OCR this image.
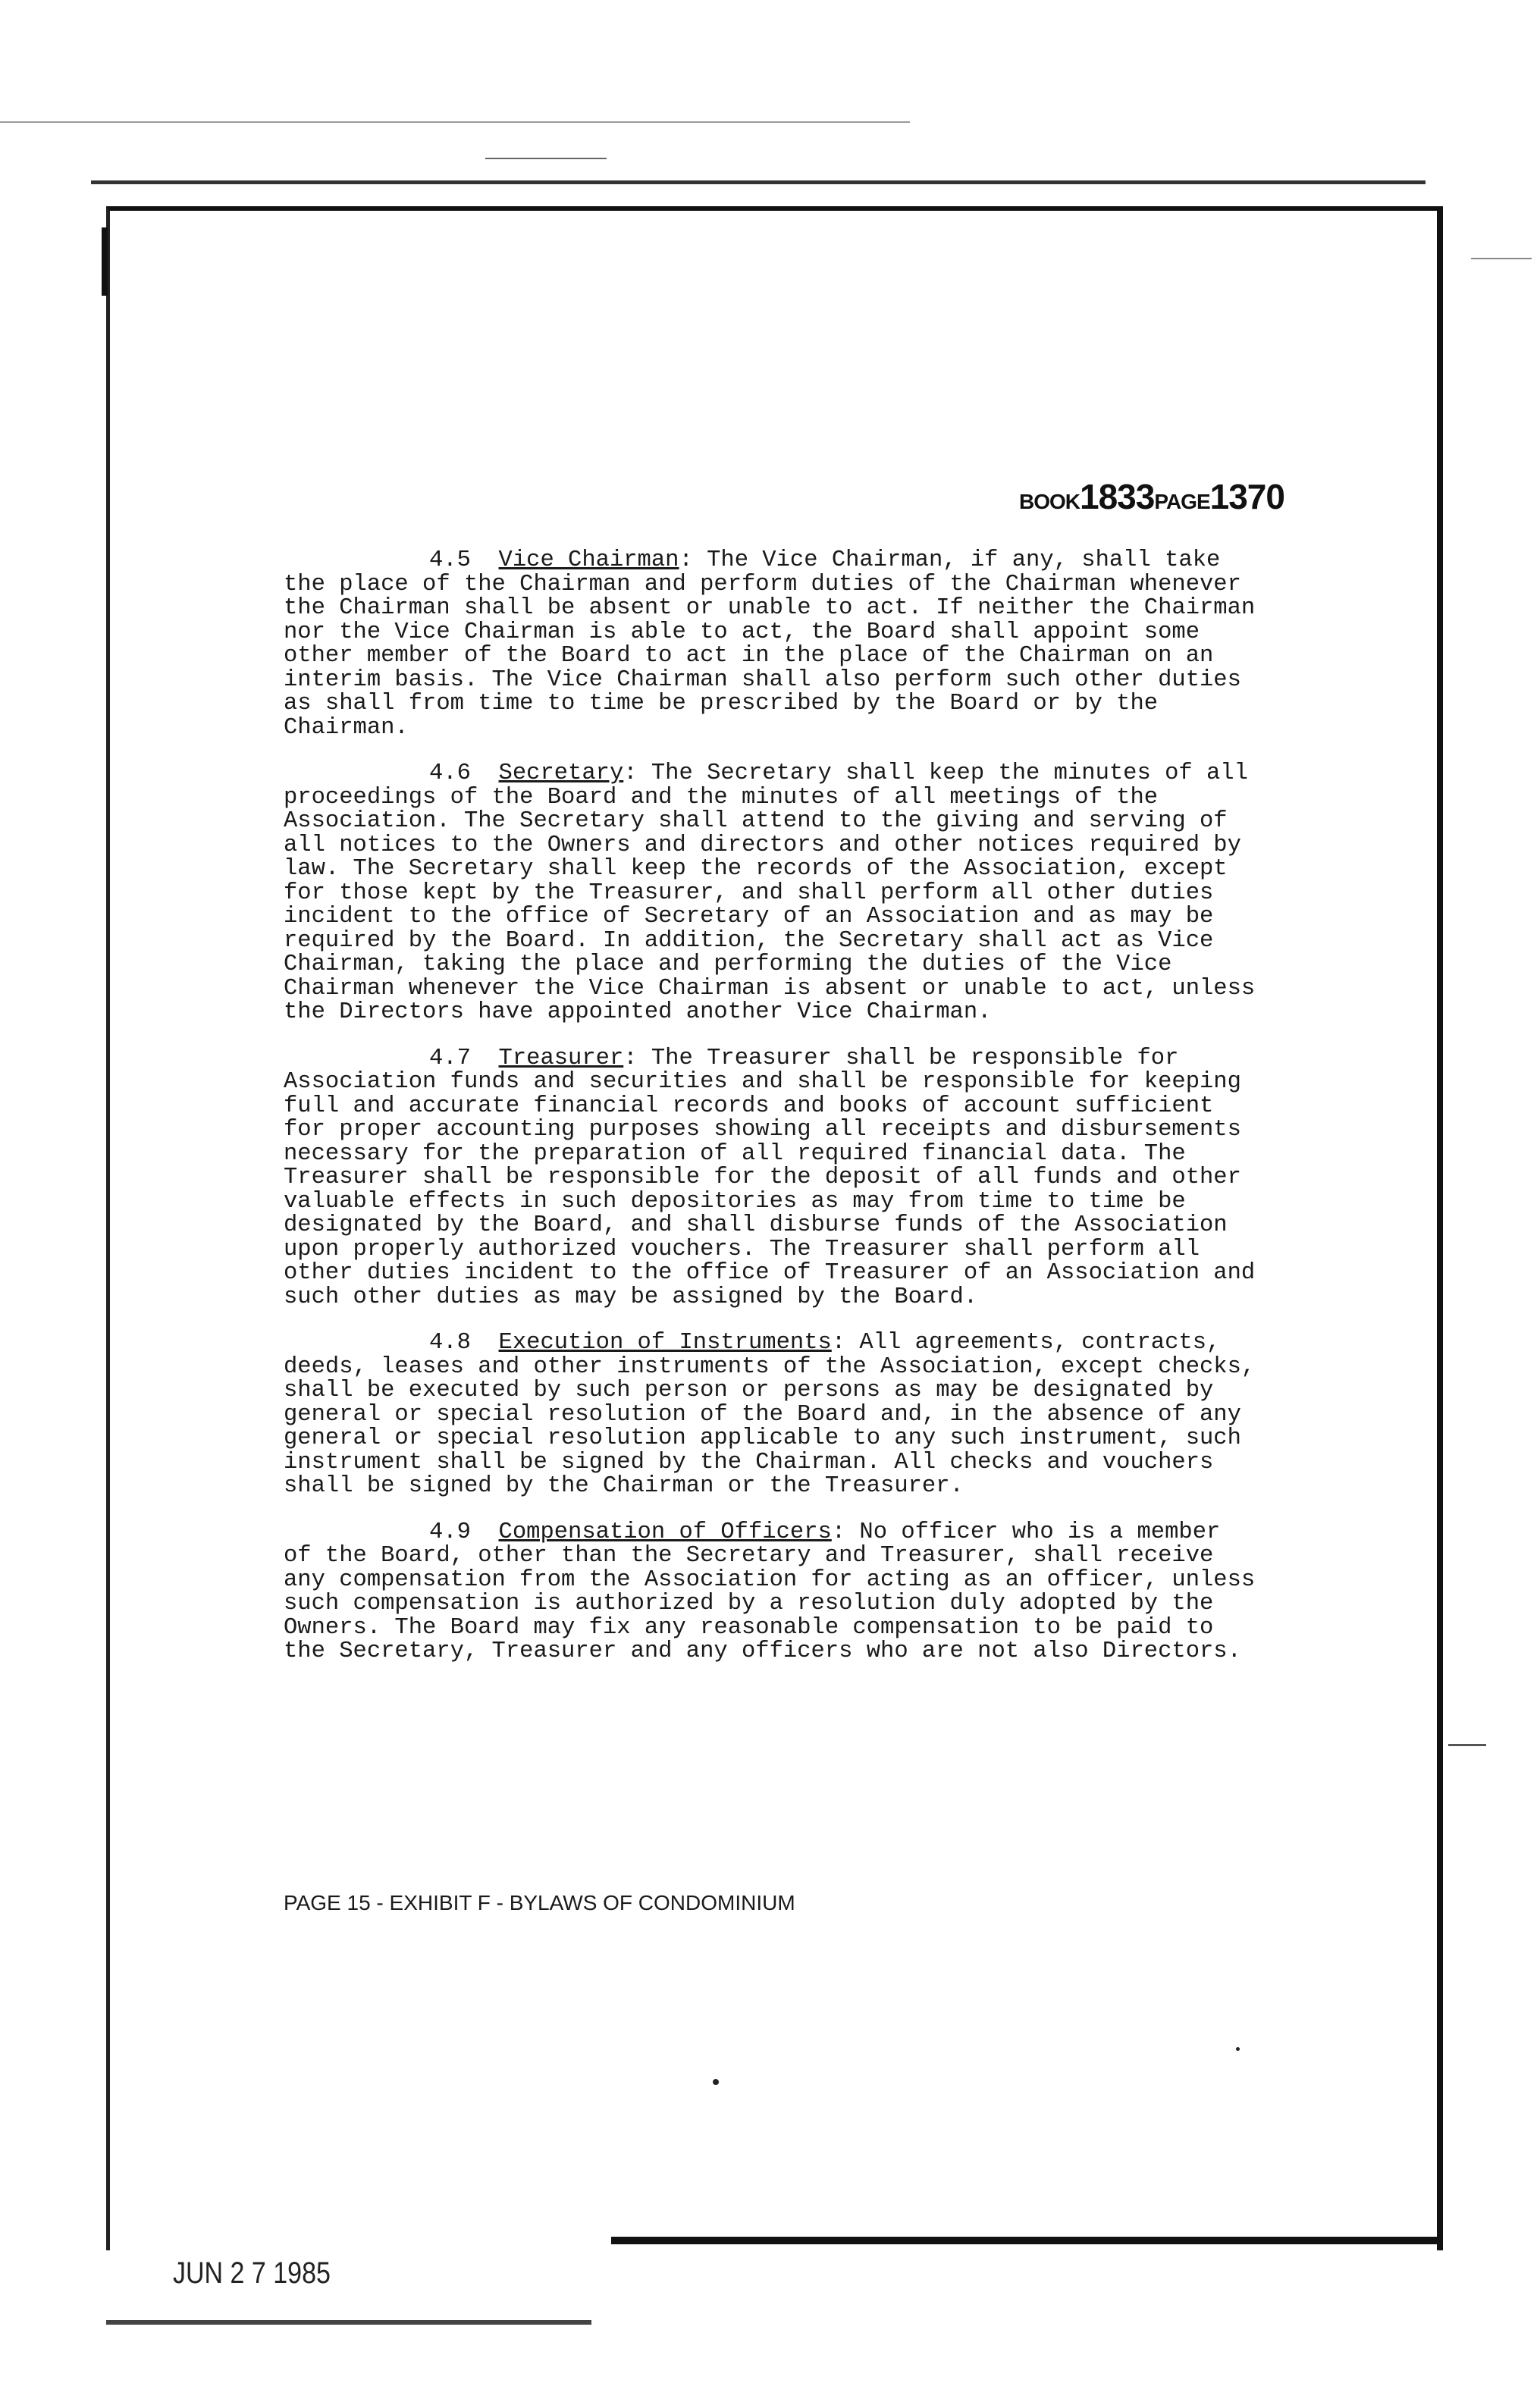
BOOK1833PAGE1370

4.5 Vice Chairman: The Vice Chairman, if any, shall take the place of the Chairman and perform duties of the Chairman whenever the Chairman shall be absent or unable to act. If neither the Chairman nor the Vice Chairman is able to act, the Board shall appoint some other member of the Board to act in the place of the Chairman on an interim basis. The Vice Chairman shall also perform such other duties as shall from time to time be prescribed by the Board or by the Chairman.

4.6 Secretary: The Secretary shall keep the minutes of all proceedings of the Board and the minutes of all meetings of the Association. The Secretary shall attend to the giving and serving of all notices to the Owners and directors and other notices required by law. The Secretary shall keep the records of the Association, except for those kept by the Treasurer, and shall perform all other duties incident to the office of Secretary of an Association and as may be required by the Board. In addition, the Secretary shall act as Vice Chairman, taking the place and performing the duties of the Vice Chairman whenever the Vice Chairman is absent or unable to act, unless the Directors have appointed another Vice Chairman.

4.7 Treasurer: The Treasurer shall be responsible for Association funds and securities and shall be responsible for keeping full and accurate financial records and books of account sufficient for proper accounting purposes showing all receipts and disbursements necessary for the preparation of all required financial data. The Treasurer shall be responsible for the deposit of all funds and other valuable effects in such depositories as may from time to time be designated by the Board, and shall disburse funds of the Association upon properly authorized vouchers. The Treasurer shall perform all other duties incident to the office of Treasurer of an Association and such other duties as may be assigned by the Board.

4.8 Execution of Instruments: All agreements, contracts, deeds, leases and other instruments of the Association, except checks, shall be executed by such person or persons as may be designated by general or special resolution of the Board and, in the absence of any general or special resolution applicable to any such instrument, such instrument shall be signed by the Chairman. All checks and vouchers shall be signed by the Chairman or the Treasurer.

4.9 Compensation of Officers: No officer who is a member of the Board, other than the Secretary and Treasurer, shall receive any compensation from the Association for acting as an officer, unless such compensation is authorized by a resolution duly adopted by the Owners. The Board may fix any reasonable compensation to be paid to the Secretary, Treasurer and any officers who are not also Directors.

PAGE 15 - EXHIBIT F - BYLAWS OF CONDOMINIUM
JUN 2 7 1985
